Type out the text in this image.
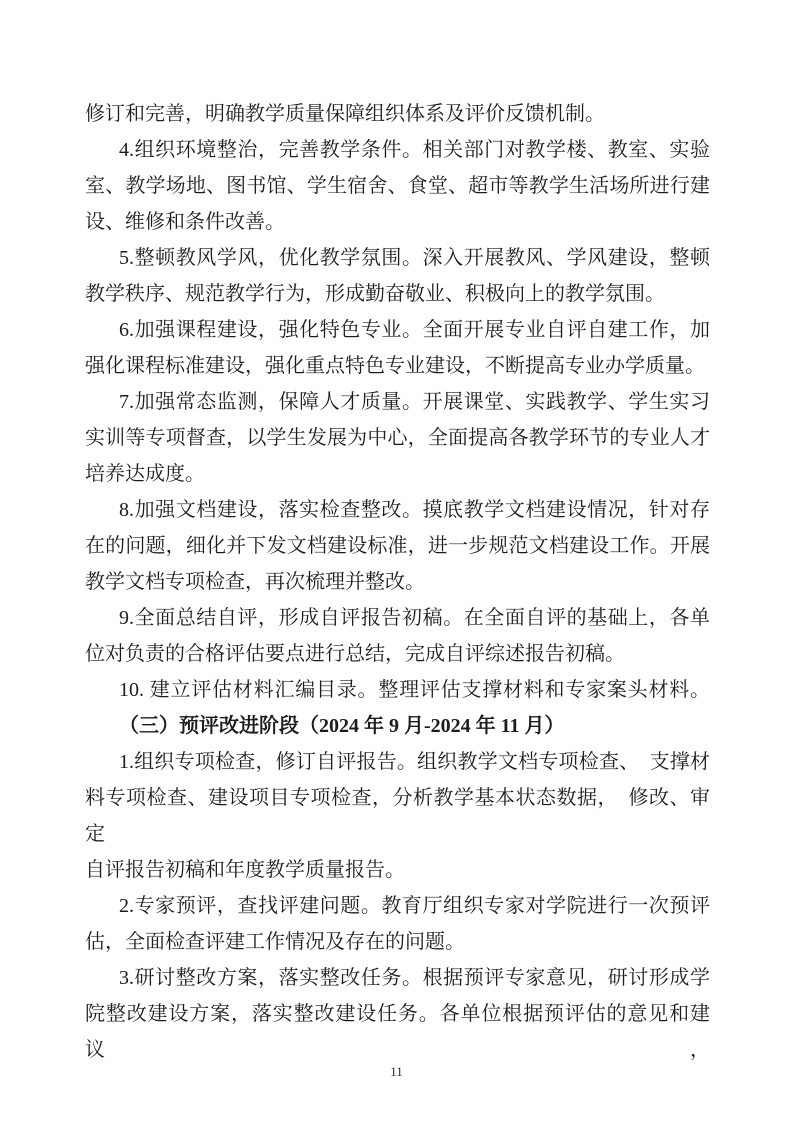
修订和完善，明确教学质量保障组织体系及评价反馈机制。
4.组织环境整治，完善教学条件。相关部门对教学楼、教室、实验
室、教学场地、图书馆、学生宿舍、食堂、超市等教学生活场所进行建
设、维修和条件改善。
5.整顿教风学风，优化教学氛围。深入开展教风、学风建设，整顿
教学秩序、规范教学行为，形成勤奋敬业、积极向上的教学氛围。
6.加强课程建设，强化特色专业。全面开展专业自评自建工作，加
强化课程标准建设，强化重点特色专业建设，不断提高专业办学质量。
7.加强常态监测，保障人才质量。开展课堂、实践教学、学生实习
实训等专项督查，以学生发展为中心，全面提高各教学环节的专业人才
培养达成度。
8.加强文档建设，落实检查整改。摸底教学文档建设情况，针对存
在的问题，细化并下发文档建设标准，进一步规范文档建设工作。开展
教学文档专项检查，再次梳理并整改。
9.全面总结自评，形成自评报告初稿。在全面自评的基础上，各单
位对负责的合格评估要点进行总结，完成自评综述报告初稿。
10. 建立评估材料汇编目录。整理评估支撑材料和专家案头材料。
（三）预评改进阶段（2024 年 9 月-2024 年 11 月）
1.组织专项检查，修订自评报告。组织教学文档专项检查、　支撑材
料专项检查、建设项目专项检查，分析教学基本状态数据，　修改、审定
自评报告初稿和年度教学质量报告。
2.专家预评，查找评建问题。教育厅组织专家对学院进行一次预评
估，全面检查评建工作情况及存在的问题。
3.研讨整改方案，落实整改任务。根据预评专家意见，研讨形成学
院整改建设方案，落实整改建设任务。各单位根据预评估的意见和建议，
11
